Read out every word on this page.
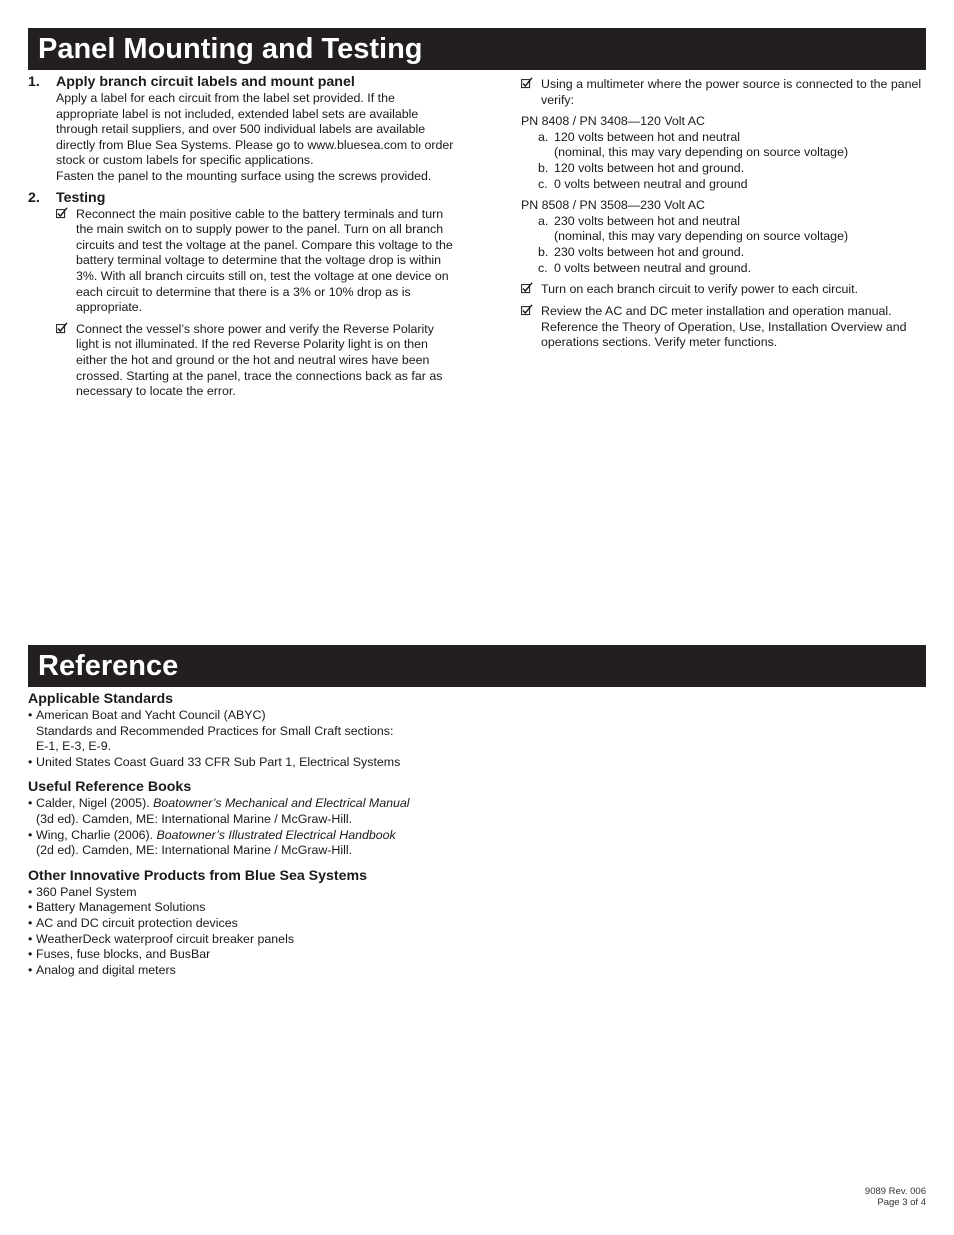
Panel Mounting and Testing
1.	Apply branch circuit labels and mount panel
Apply a label for each circuit from the label set provided. If the appropriate label is not included, extended label sets are available through retail suppliers, and over 500 individual labels are available directly from Blue Sea Systems. Please go to www.bluesea.com to order stock or custom labels for specific applications.
Fasten the panel to the mounting surface using the screws provided.
2.	Testing
Reconnect the main positive cable to the battery terminals and turn the main switch on to supply power to the panel. Turn on all branch circuits and test the voltage at the panel. Compare this voltage to the battery terminal voltage to determine that the voltage drop is within 3%. With all branch circuits still on, test the voltage at one device on each circuit to determine that there is a 3% or 10% drop as is appropriate.
Connect the vessel’s shore power and verify the Reverse Polarity light is not illuminated. If the red Reverse Polarity light is on then either the hot and ground or the hot and neutral wires have been crossed. Starting at the panel, trace the connections back as far as necessary to locate the error.
Using a multimeter where the power source is connected to the panel verify:
PN 8408 / PN 3408—120 Volt AC
a. 120 volts between hot and neutral
(nominal, this may vary depending on source voltage)
b. 120 volts between hot and ground.
c. 0 volts between neutral and ground
PN 8508 / PN 3508—230 Volt AC
a. 230 volts between hot and neutral
(nominal, this may vary depending on source voltage)
b. 230 volts between hot and ground.
c. 0 volts between neutral and ground.
Turn on each branch circuit to verify power to each circuit.
Review the AC and DC meter installation and operation manual. Reference the Theory of Operation, Use, Installation Overview and operations sections. Verify meter functions.
Reference
Applicable Standards
• American Boat and Yacht Council (ABYC)
Standards and Recommended Practices for Small Craft sections:
E-1, E-3, E-9.
• United States Coast Guard 33 CFR Sub Part 1, Electrical Systems
Useful Reference Books
• Calder, Nigel (2005). Boatowner’s Mechanical and Electrical Manual
(3d ed). Camden, ME: International Marine / McGraw-Hill.
• Wing, Charlie (2006). Boatowner’s Illustrated Electrical Handbook
(2d ed). Camden, ME: International Marine / McGraw-Hill.
Other Innovative Products from Blue Sea Systems
• 360 Panel System
• Battery Management Solutions
• AC and DC circuit protection devices
• WeatherDeck waterproof circuit breaker panels
• Fuses, fuse blocks, and BusBar
• Analog and digital meters
9089 Rev. 006
Page 3 of 4
